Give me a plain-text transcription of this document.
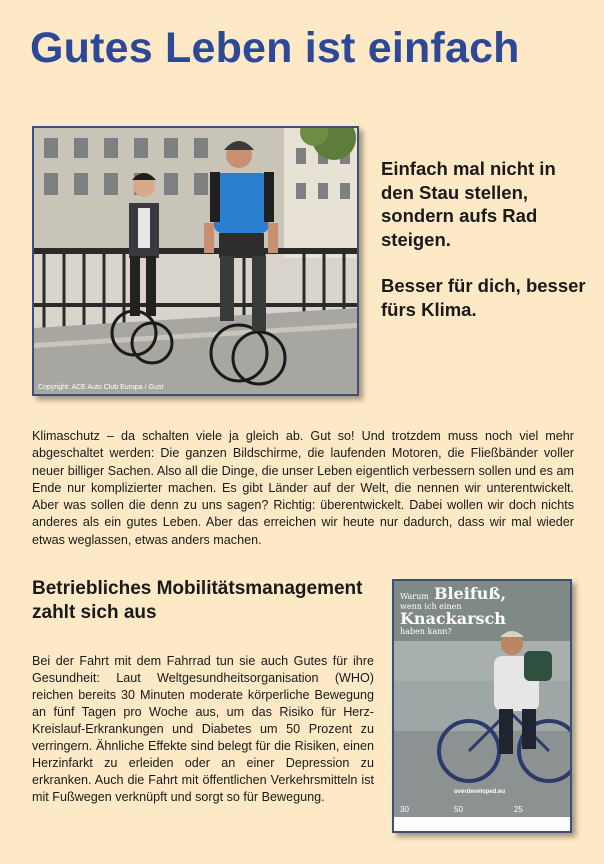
Gutes Leben ist einfach
Copyright: ACE Auto Club Europa / Gust

Einfach mal nicht in den Stau stellen, sondern aufs Rad steigen.

Besser für dich, besser fürs Klima.

Klimaschutz – da schalten viele ja gleich ab. Gut so! Und trotzdem muss noch viel mehr abgeschaltet werden: Die ganzen Bildschirme, die laufenden Motoren, die Fließbänder voller neuer billiger Sachen. Also all die Dinge, die unser Leben eigentlich verbessern sollen und es am Ende nur komplizierter machen. Es gibt Länder auf der Welt, die nennen wir unterentwickelt. Aber was sollen die denn zu uns sagen? Richtig: überentwickelt. Dabei wollen wir doch nichts anderes als ein gutes Leben. Aber das erreichen wir heute nur dadurch, dass wir mal wieder etwas weglassen, etwas anders machen.
Betriebliches Mobilitätsmanagement zahlt sich aus
Bei der Fahrt mit dem Fahrrad tun sie auch Gutes für ihre Gesundheit: Laut Weltgesundheitsorganisation (WHO) reichen bereits 30 Minuten moderate körperliche Bewegung an fünf Tagen pro Woche aus, um das Risiko für Herz-Kreislauf-Erkrankungen und Diabetes um 50 Prozent zu verringern. Ähnliche Effekte sind belegt für die Risiken, einen Herzinfarkt zu erleiden oder an einer Depression zu erkranken. Auch die Fahrt mit öffentlichen Verkehrsmitteln ist mit Fußwegen verknüpft und sorgt so für Bewegung.
30	50	25
Warum Bleifuß,
wenn ich einen
Knackarsch
haben kann?
overdeveloped.eu
